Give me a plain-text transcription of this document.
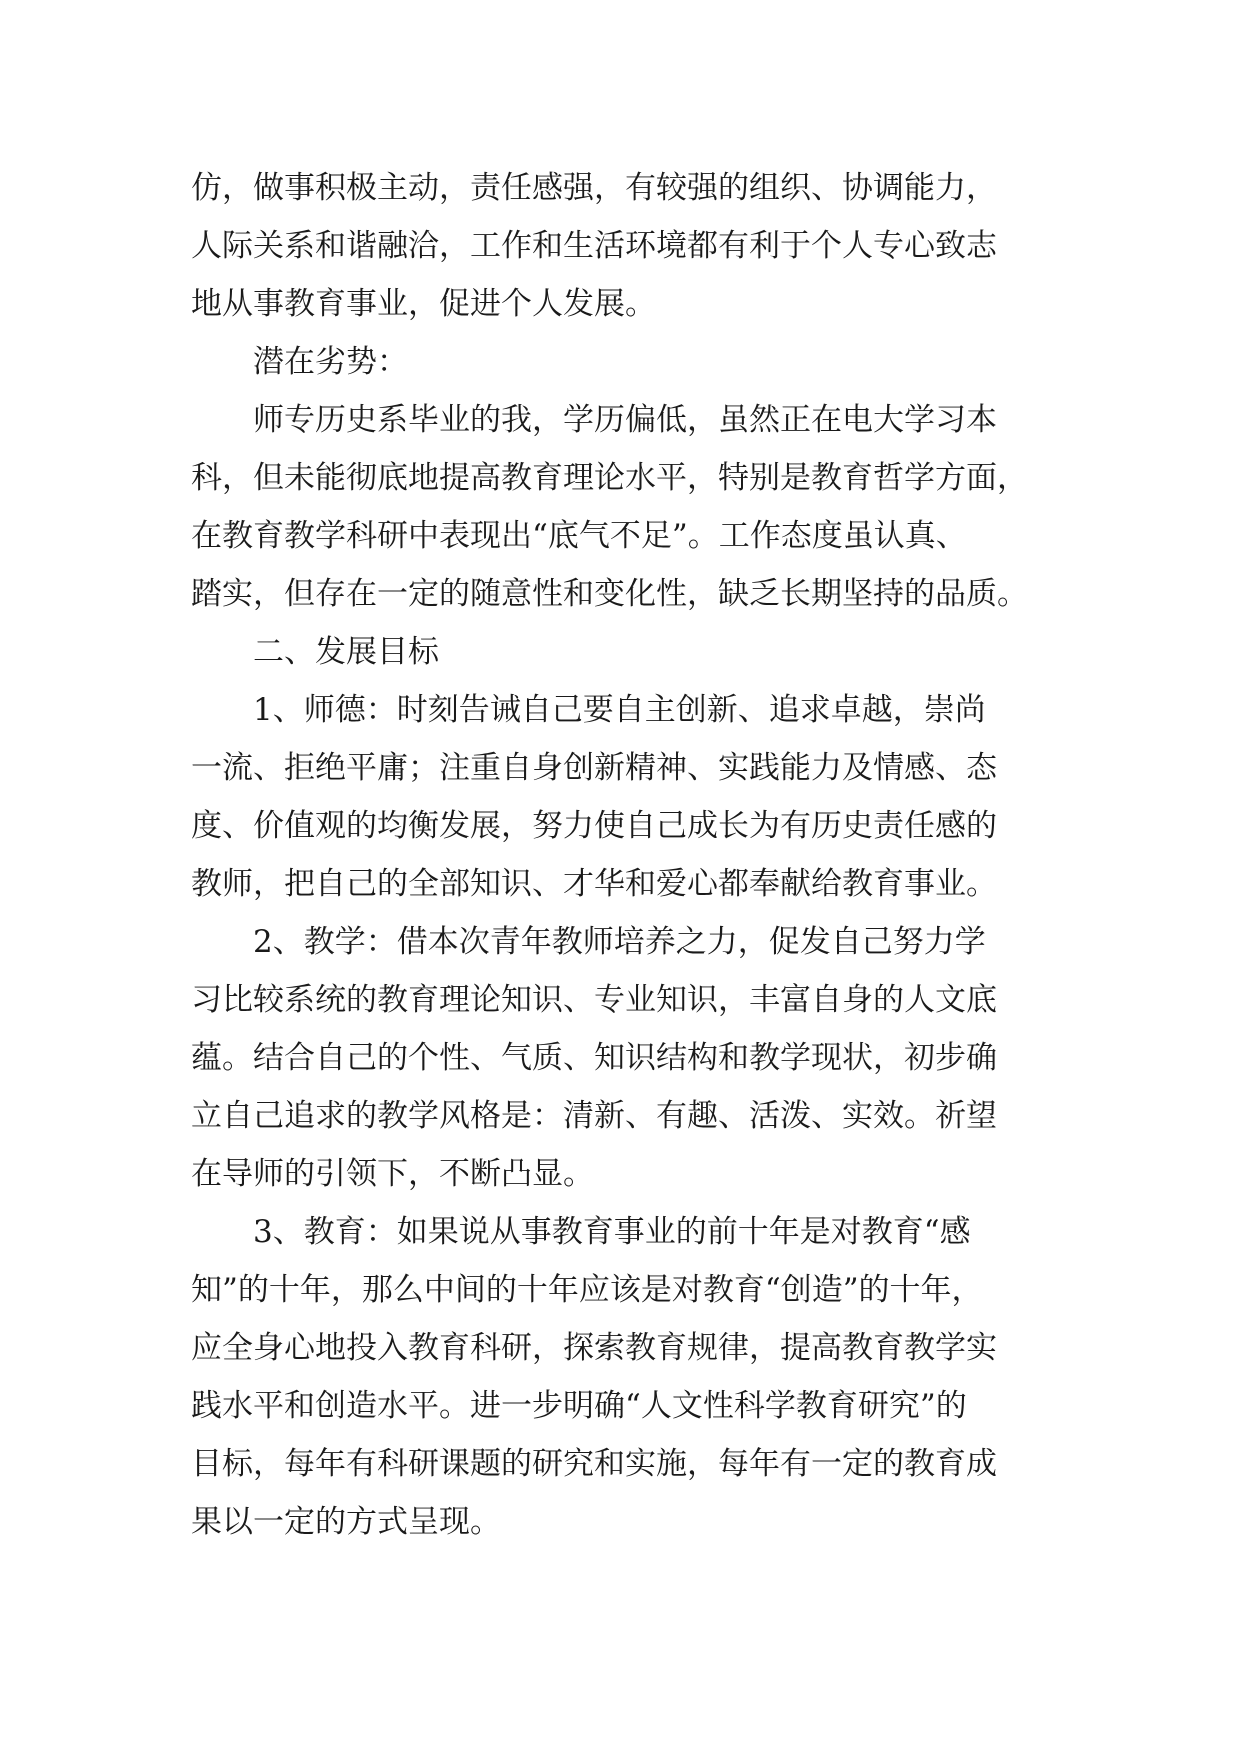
仿，做事积极主动，责任感强，有较强的组织、协调能力，
人际关系和谐融洽，工作和生活环境都有利于个人专心致志
地从事教育事业，促进个人发展。
潜在劣势：
师专历史系毕业的我，学历偏低，虽然正在电大学习本
科，但未能彻底地提高教育理论水平，特别是教育哲学方面，
在教育教学科研中表现出“底气不足”。工作态度虽认真、
踏实，但存在一定的随意性和变化性，缺乏长期坚持的品质。
二、发展目标
1、师德：时刻告诫自己要自主创新、追求卓越，崇尚
一流、拒绝平庸；注重自身创新精神、实践能力及情感、态
度、价值观的均衡发展，努力使自己成长为有历史责任感的
教师，把自己的全部知识、才华和爱心都奉献给教育事业。
2、教学：借本次青年教师培养之力，促发自己努力学
习比较系统的教育理论知识、专业知识，丰富自身的人文底
蕴。结合自己的个性、气质、知识结构和教学现状，初步确
立自己追求的教学风格是：清新、有趣、活泼、实效。祈望
在导师的引领下，不断凸显。
3、教育：如果说从事教育事业的前十年是对教育“感
知”的十年，那么中间的十年应该是对教育“创造”的十年，
应全身心地投入教育科研，探索教育规律，提高教育教学实
践水平和创造水平。进一步明确“人文性科学教育研究”的
目标，每年有科研课题的研究和实施，每年有一定的教育成
果以一定的方式呈现。
